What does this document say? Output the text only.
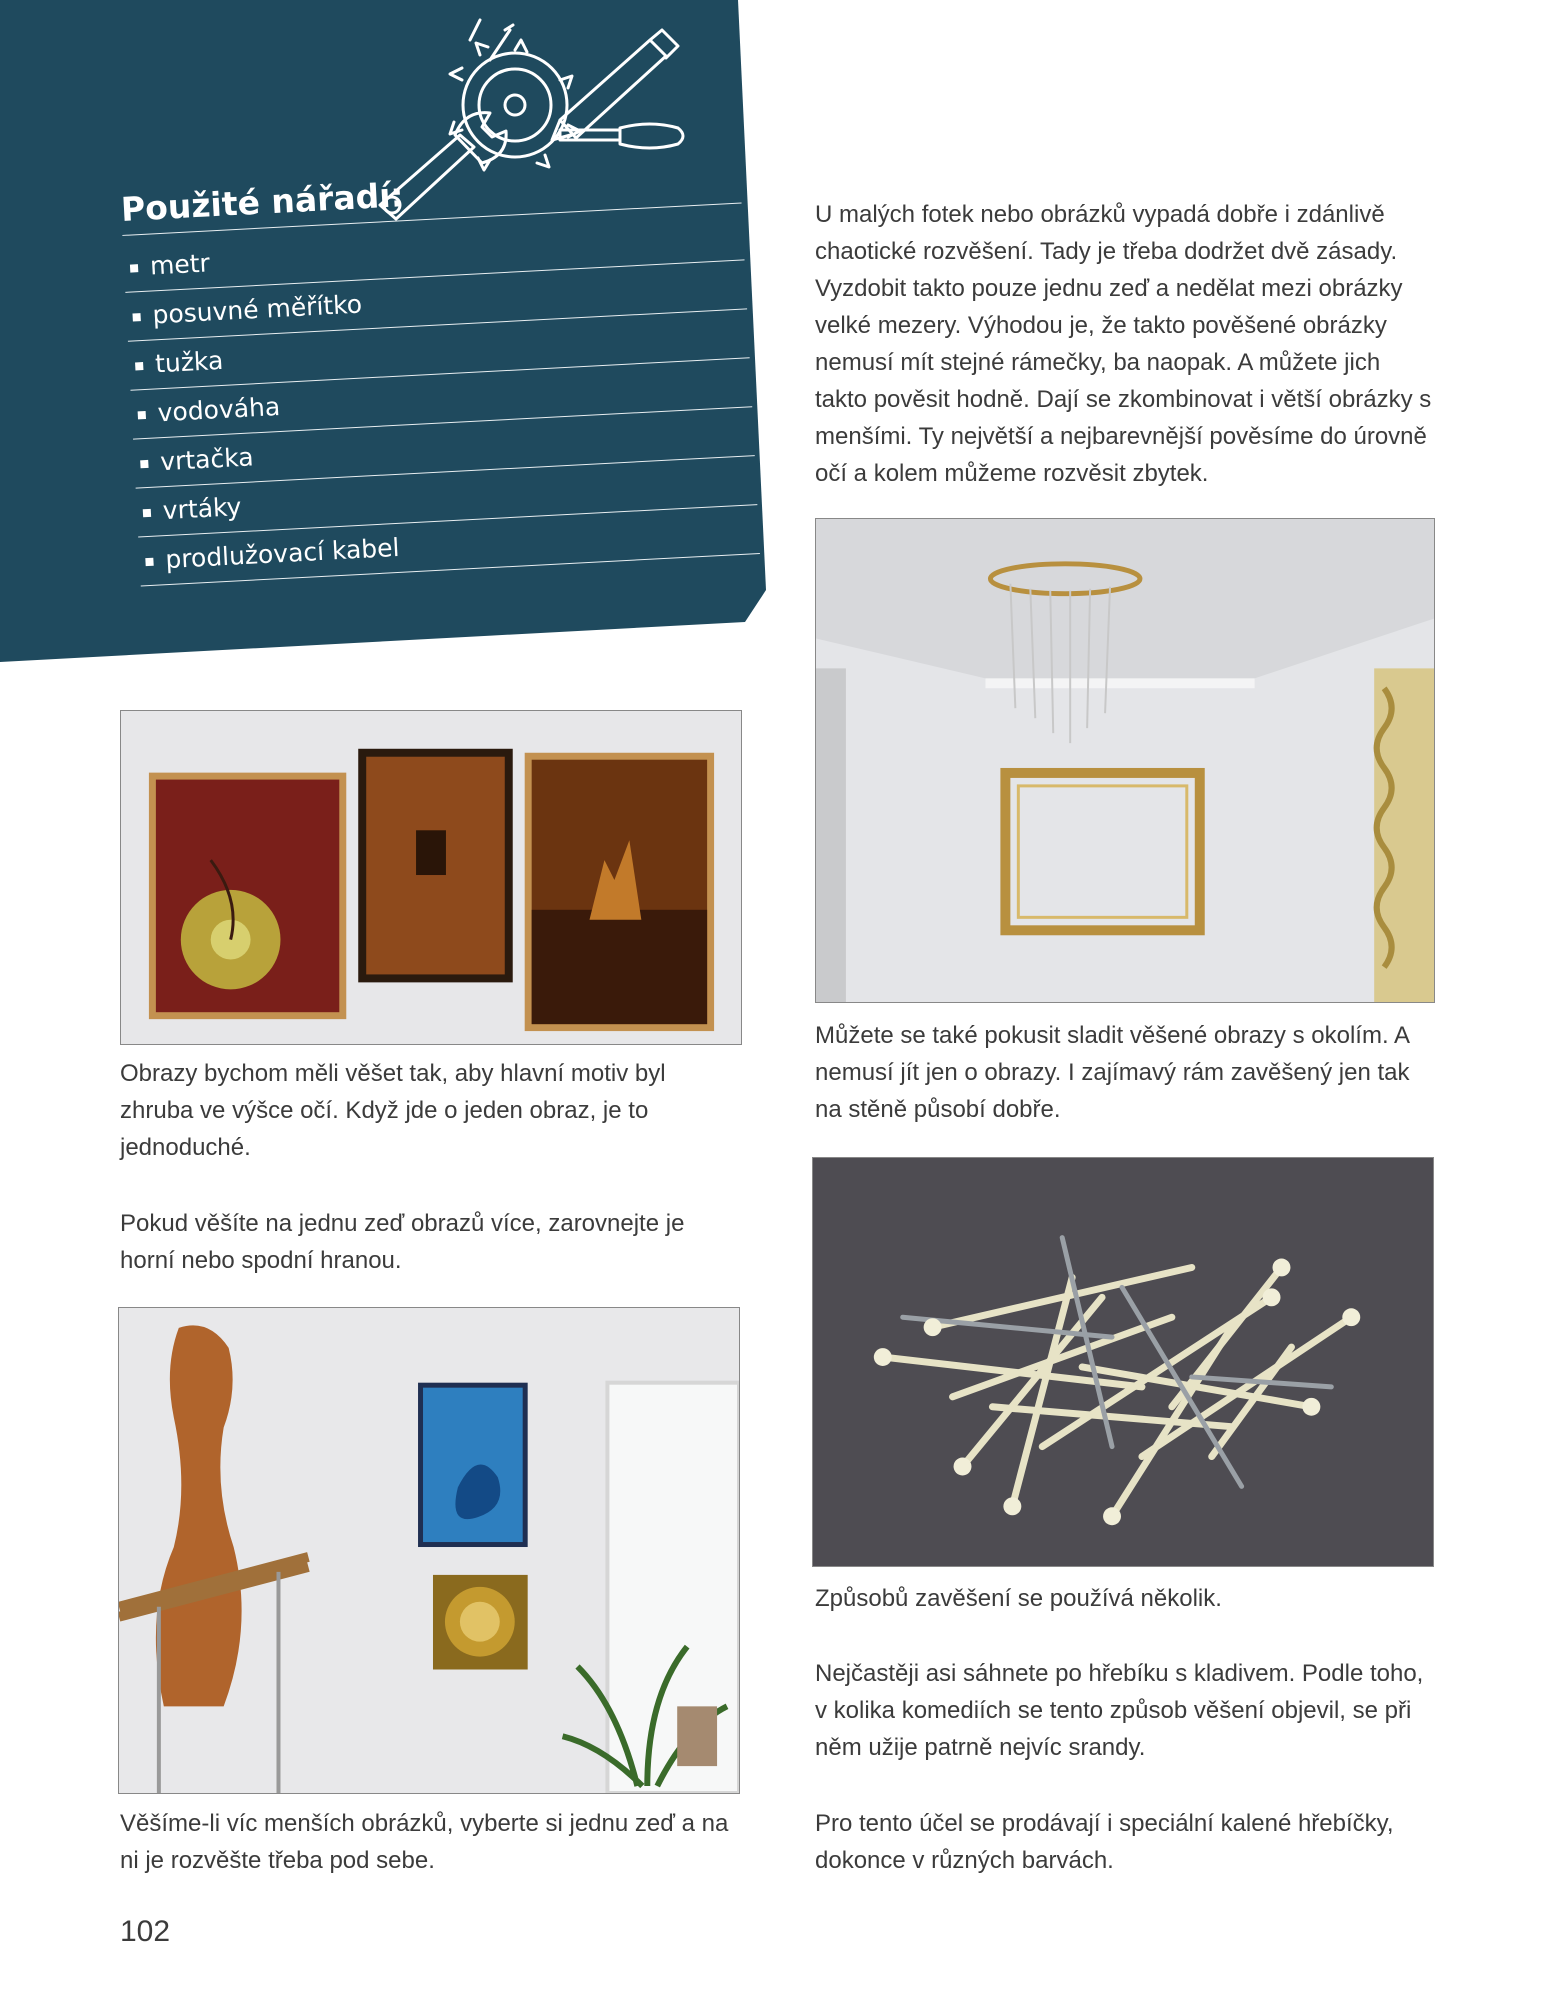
Použité nářadí:
metr
posuvné měřítko
tužka
vodováha
vrtačka
vrtáky
prodlužovací kabel

U malých fotek nebo obrázků vypadá dobře i zdánlivě chaotické rozvěšení. Tady je třeba dodržet dvě zásady. Vyzdobit takto pouze jednu zeď a nedělat mezi obrázky velké mezery. Výhodou je, že takto pověšené obrázky nemusí mít stejné rámečky, ba naopak. A můžete jich takto pověsit hodně. Dají se zkombinovat i větší obrázky s menšími. Ty největší a nejbarevnější pověsíme do úrovně očí a kolem můžeme rozvěsit zbytek.

Můžete se také pokusit sladit věšené obrazy s okolím. A nemusí jít jen o obrazy. I zajímavý rám zavěšený jen tak na stěně působí dobře.

Obrazy bychom měli věšet tak, aby hlavní motiv byl zhruba ve výšce očí. Když jde o jeden obraz, je to jednoduché.

Pokud věšíte na jednu zeď obrazů více, zarovnejte je horní nebo spodní hranou.

Způsobů zavěšení se používá několik.

Nejčastěji asi sáhnete po hřebíku s kladivem. Podle toho, v kolika komediích se tento způsob věšení objevil, se při něm užije patrně nejvíc srandy.

Věšíme-li víc menších obrázků, vyberte si jednu zeď a na ni je rozvěšte třeba pod sebe.

Pro tento účel se prodávají i speciální kalené hřebíčky, dokonce v různých barvách.

102
